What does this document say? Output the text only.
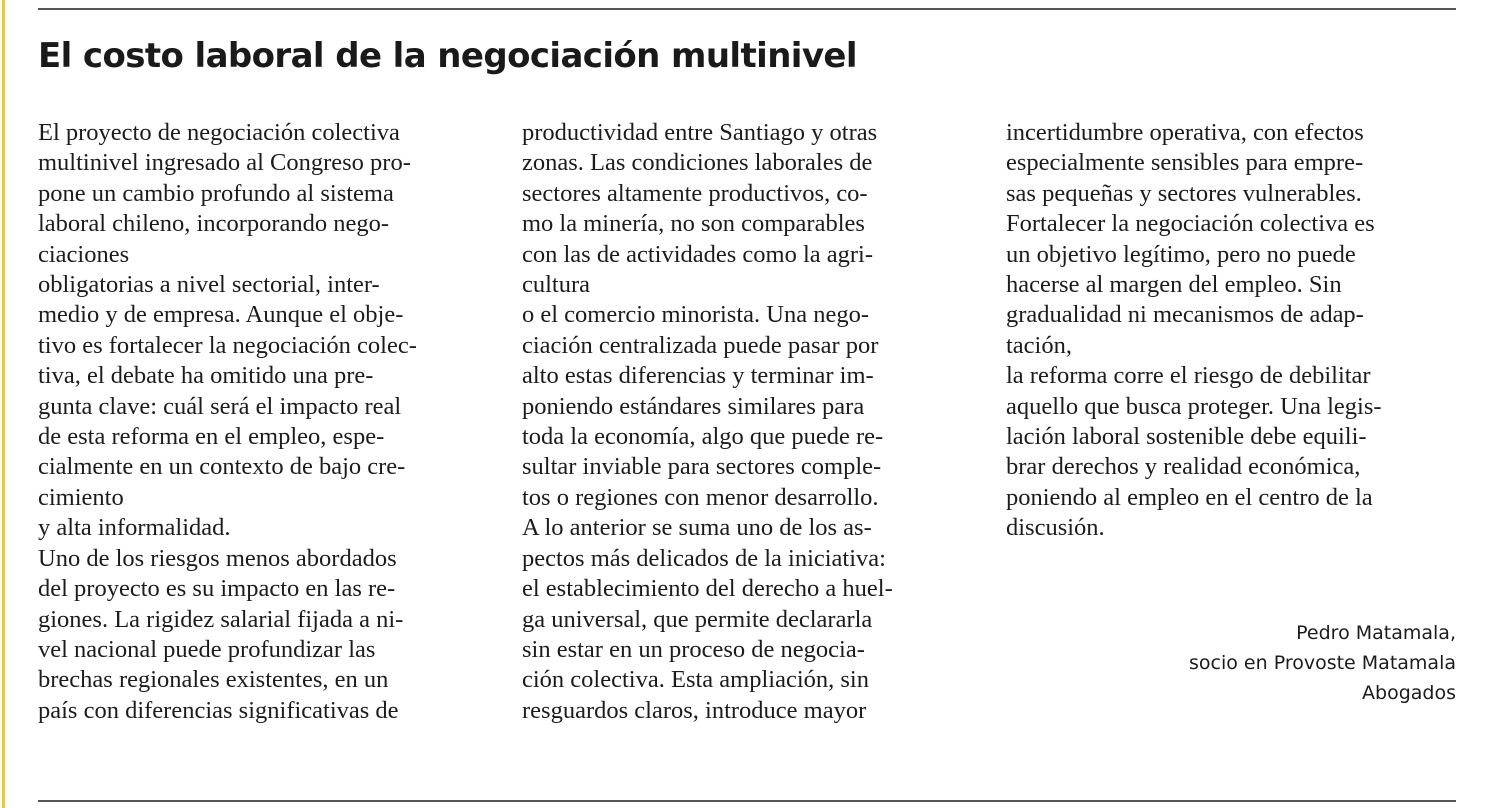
El costo laboral de la negociación multinivel
El proyecto de negociación colectiva
multinivel ingresado al Congreso pro-
pone un cambio profundo al sistema
laboral chileno, incorporando nego-
ciaciones
obligatorias a nivel sectorial, inter-
medio y de empresa. Aunque el obje-
tivo es fortalecer la negociación colec-
tiva, el debate ha omitido una pre-
gunta clave: cuál será el impacto real
de esta reforma en el empleo, espe-
cialmente en un contexto de bajo cre-
cimiento
y alta informalidad.
Uno de los riesgos menos abordados
del proyecto es su impacto en las re-
giones. La rigidez salarial fijada a ni-
vel nacional puede profundizar las
brechas regionales existentes, en un
país con diferencias significativas de
productividad entre Santiago y otras
zonas. Las condiciones laborales de
sectores altamente productivos, co-
mo la minería, no son comparables
con las de actividades como la agri-
cultura
o el comercio minorista. Una nego-
ciación centralizada puede pasar por
alto estas diferencias y terminar im-
poniendo estándares similares para
toda la economía, algo que puede re-
sultar inviable para sectores comple-
tos o regiones con menor desarrollo.
A lo anterior se suma uno de los as-
pectos más delicados de la iniciativa:
el establecimiento del derecho a huel-
ga universal, que permite declararla
sin estar en un proceso de negocia-
ción colectiva. Esta ampliación, sin
resguardos claros, introduce mayor
incertidumbre operativa, con efectos
especialmente sensibles para empre-
sas pequeñas y sectores vulnerables.
Fortalecer la negociación colectiva es
un objetivo legítimo, pero no puede
hacerse al margen del empleo. Sin
gradualidad ni mecanismos de adap-
tación,
la reforma corre el riesgo de debilitar
aquello que busca proteger. Una legis-
lación laboral sostenible debe equili-
brar derechos y realidad económica,
poniendo al empleo en el centro de la
discusión.
Pedro Matamala,
socio en Provoste Matamala
Abogados
